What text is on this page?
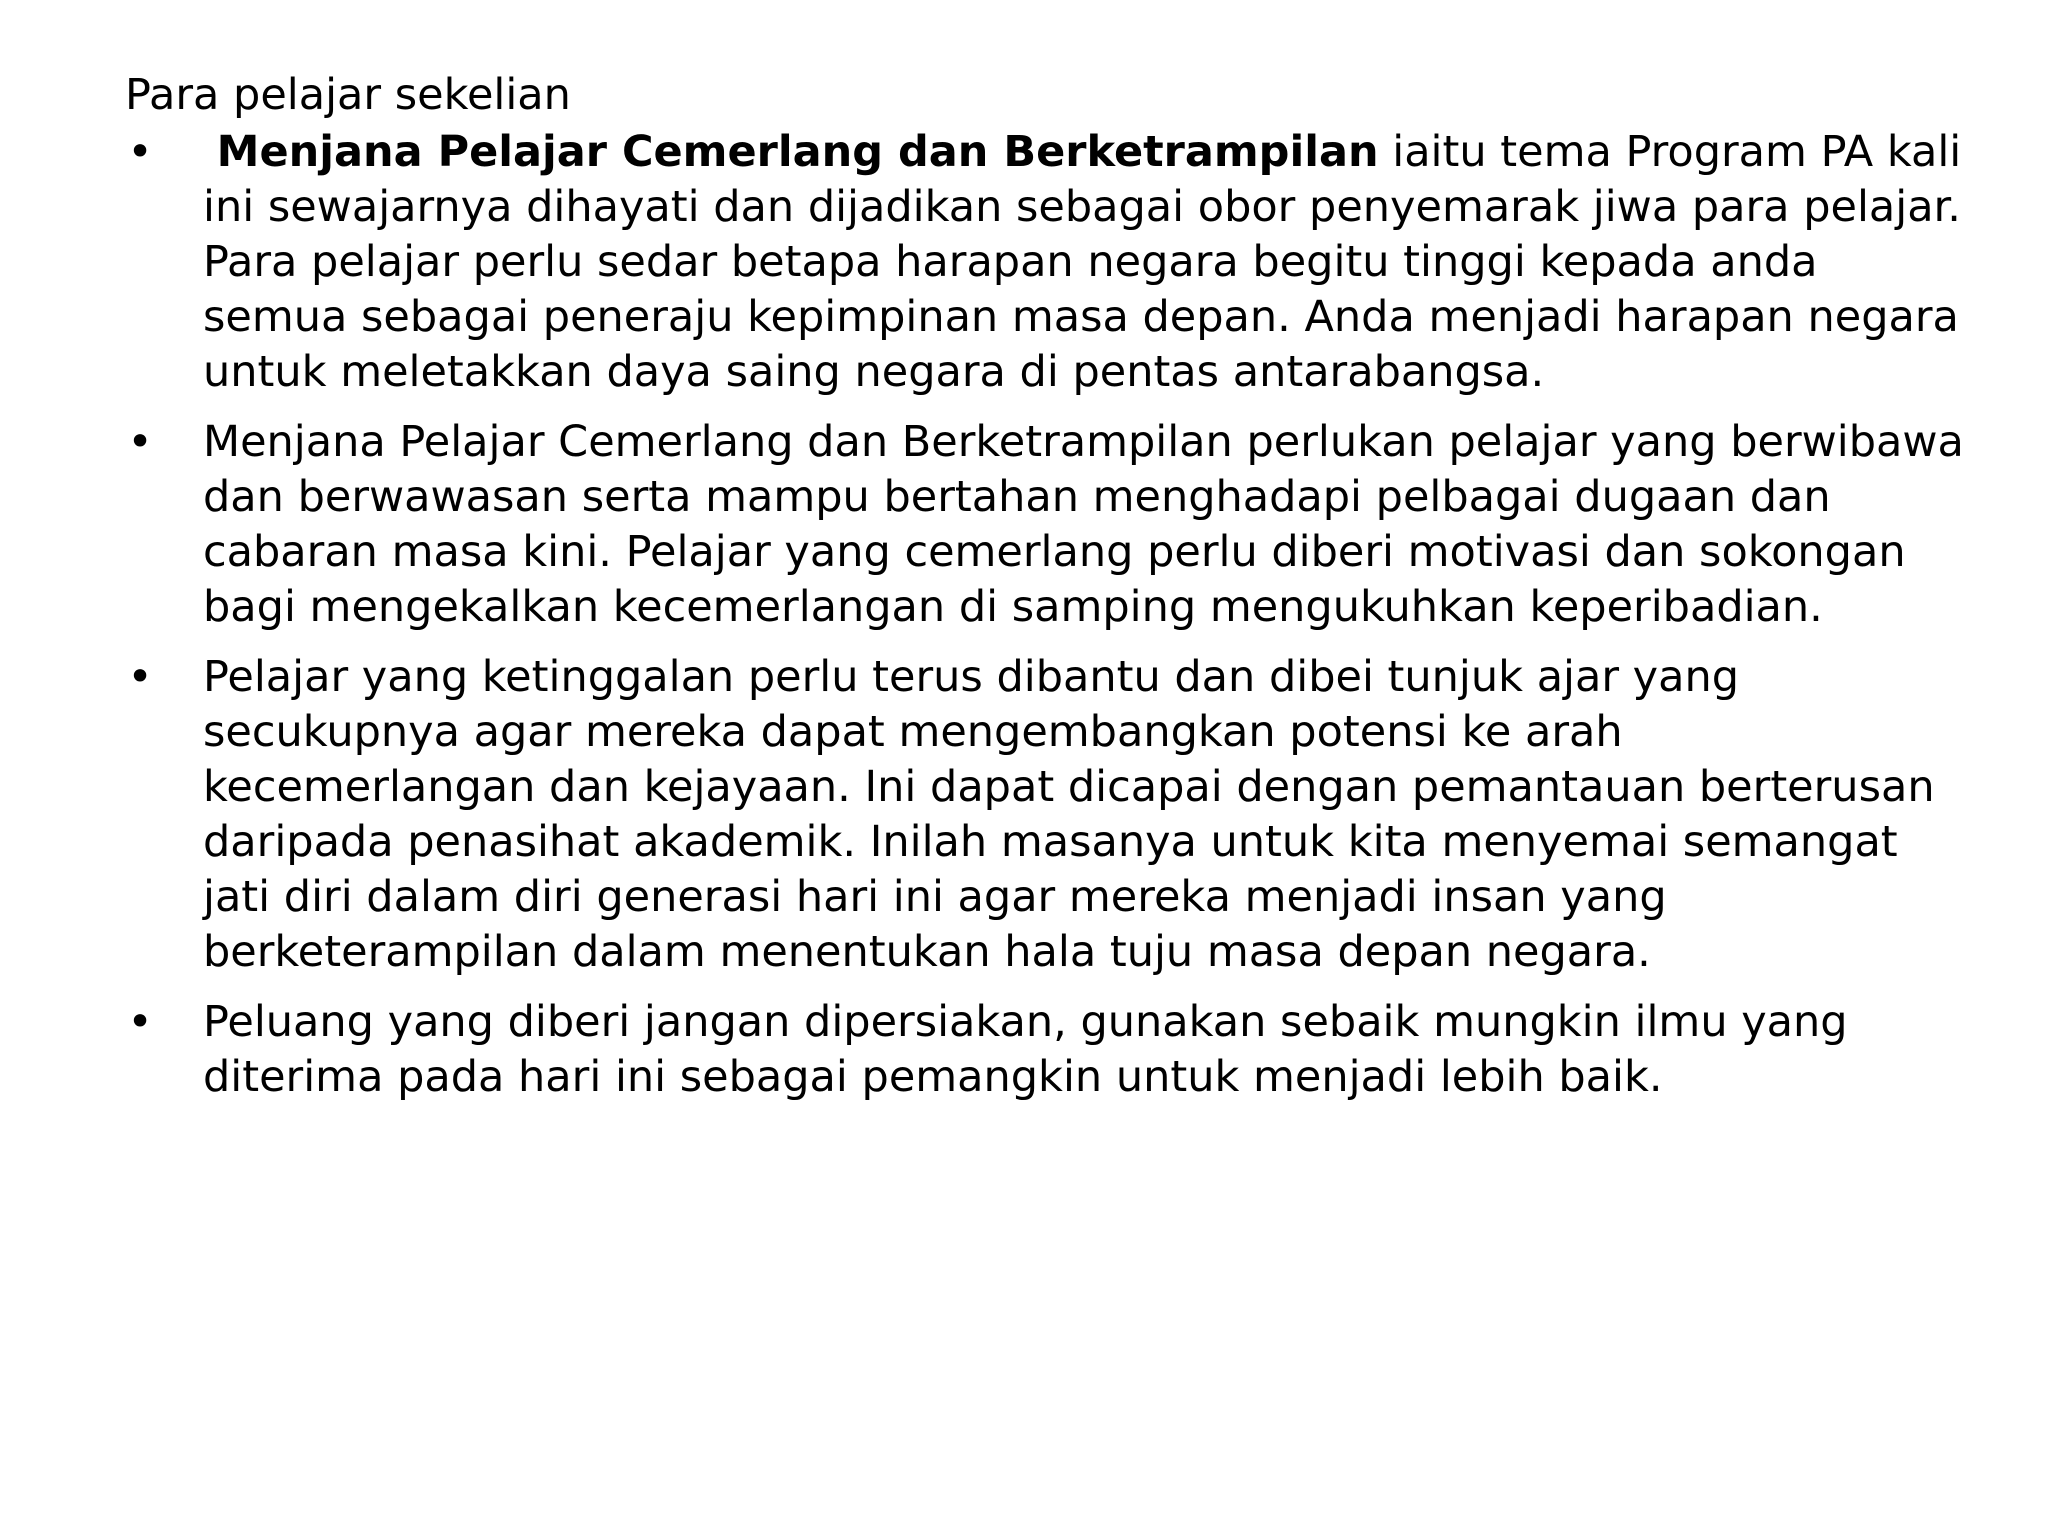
Para pelajar sekelian

• Menjana Pelajar Cemerlang dan Berketrampilan iaitu tema Program PA kali ini sewajarnya dihayati dan dijadikan sebagai obor penyemarak jiwa para pelajar. Para pelajar perlu sedar betapa harapan negara begitu tinggi kepada anda semua sebagai peneraju kepimpinan masa depan. Anda menjadi harapan negara untuk meletakkan daya saing negara di pentas antarabangsa.
• Menjana Pelajar Cemerlang dan Berketrampilan perlukan pelajar yang berwibawa dan berwawasan serta mampu bertahan menghadapi pelbagai dugaan dan cabaran masa kini. Pelajar yang cemerlang perlu diberi motivasi dan sokongan bagi mengekalkan kecemerlangan di samping mengukuhkan keperibadian.
• Pelajar yang ketinggalan perlu terus dibantu dan dibei tunjuk ajar yang secukupnya agar mereka dapat mengembangkan potensi ke arah kecemerlangan dan kejayaan. Ini dapat dicapai dengan pemantauan berterusan daripada penasihat akademik. Inilah masanya untuk kita menyemai semangat jati diri dalam diri generasi hari ini agar mereka menjadi insan yang berketerampilan dalam menentukan hala tuju masa depan negara.
• Peluang yang diberi jangan dipersiakan, gunakan sebaik mungkin ilmu yang diterima pada hari ini sebagai pemangkin untuk menjadi lebih baik.
